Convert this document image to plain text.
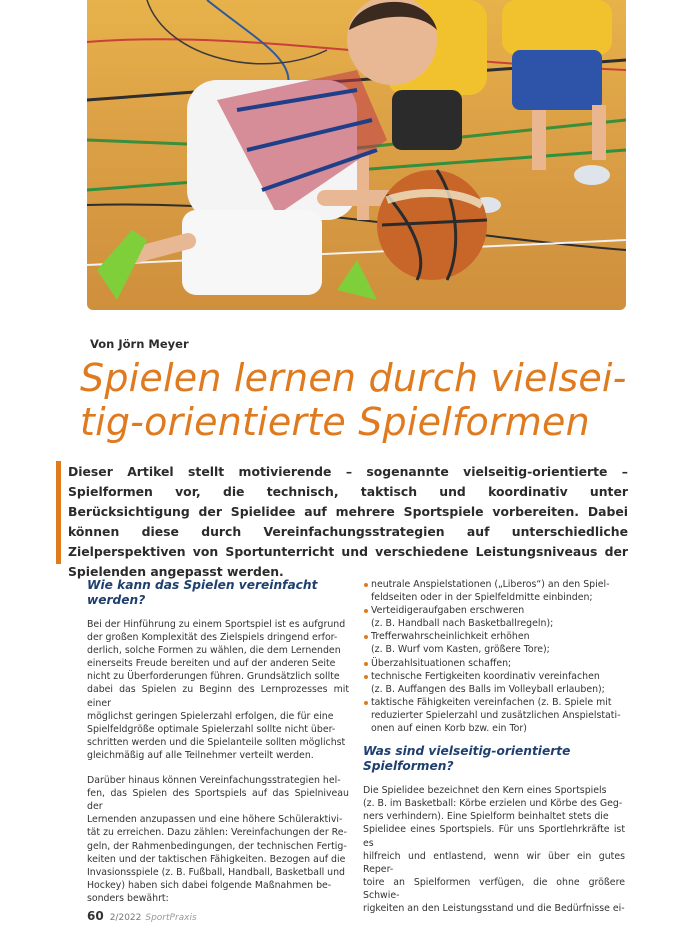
Von Jörn Meyer
Spielen lernen durch vielsei-
tig-orientierte Spielformen

Dieser Artikel stellt motivierende – sogenannte vielseitig-orientierte – Spielformen vor, die technisch, taktisch und koordinativ unter Berücksichtigung der Spielidee auf mehrere Sportspiele vorbereiten. Dabei können diese durch Vereinfachungsstrategien auf unterschiedliche Zielperspektiven von Sportunterricht und verschiedene Leistungsniveaus der Spielenden angepasst werden.

Wie kann das Spielen vereinfacht
werden?

Bei der Hinführung zu einem Sportspiel ist es aufgrund
der großen Komplexität des Zielspiels dringend erfor-
derlich, solche Formen zu wählen, die dem Lernenden
einerseits Freude bereiten und auf der anderen Seite
nicht zu Überforderungen führen. Grundsätzlich sollte
dabei das Spielen zu Beginn des Lernprozesses mit einer
möglichst geringen Spielerzahl erfolgen, die für eine
Spielfeldgröße optimale Spielerzahl sollte nicht über-
schritten werden und die Spielanteile sollten möglichst
gleichmäßig auf alle Teilnehmer verteilt werden.

Darüber hinaus können Vereinfachungsstrategien hel-
fen, das Spielen des Sportspiels auf das Spielniveau der
Lernenden anzupassen und eine höhere Schüleraktivi-
tät zu erreichen. Dazu zählen: Vereinfachungen der Re-
geln, der Rahmenbedingungen, der technischen Fertig-
keiten und der taktischen Fähigkeiten. Bezogen auf die
Invasionsspiele (z. B. Fußball, Handball, Basketball und
Hockey) haben sich dabei folgende Maßnahmen be-
sonders bewährt:

neutrale Anspielstationen („Liberos“) an den Spiel-
feldseiten oder in der Spielfeldmitte einbinden;
Verteidigeraufgaben erschweren
(z. B. Handball nach Basketballregeln);
Trefferwahrscheinlichkeit erhöhen
(z. B. Wurf vom Kasten, größere Tore);
Überzahlsituationen schaffen;
technische Fertigkeiten koordinativ vereinfachen
(z. B. Auffangen des Balls im Volleyball erlauben);
taktische Fähigkeiten vereinfachen (z. B. Spiele mit
reduzierter Spielerzahl und zusätzlichen Anspielstati-
onen auf einen Korb bzw. ein Tor)
Was sind vielseitig-orientierte
Spielformen?

Die Spielidee bezeichnet den Kern eines Sportspiels
(z. B. im Basketball: Körbe erzielen und Körbe des Geg-
ners verhindern). Eine Spielform beinhaltet stets die
Spielidee eines Sportspiels. Für uns Sportlehrkräfte ist es
hilfreich und entlastend, wenn wir über ein gutes Reper-
toire an Spielformen verfügen, die ohne größere Schwie-
rigkeiten an den Leistungsstand und die Bedürfnisse ei-

60 2/2022 SportPraxis
